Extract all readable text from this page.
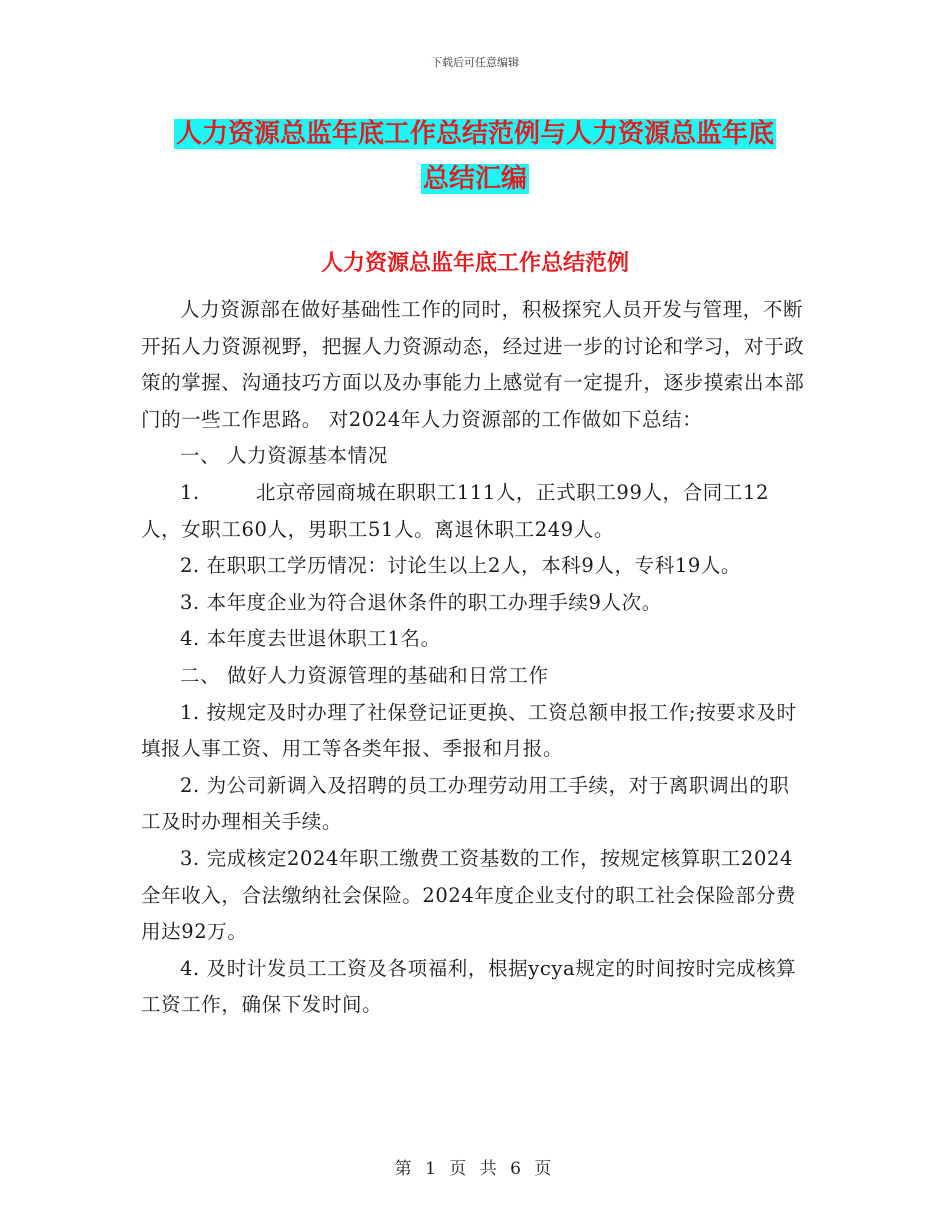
下载后可任意编辑
人力资源总监年底工作总结范例与人力资源总监年底
总结汇编
人力资源总监年底工作总结范例

人力资源部在做好基础性工作的同时，积极探究人员开发与管理，不断开拓人力资源视野，把握人力资源动态，经过进一步的讨论和学习，对于政策的掌握、沟通技巧方面以及办事能力上感觉有一定提升，逐步摸索出本部门的一些工作思路。 对2024年人力资源部的工作做如下总结：

一、 人力资源基本情况

1.	北京帝园商城在职职工111人，正式职工99人，合同工12人，女职工60人，男职工51人。离退休职工249人。

2. 在职职工学历情况：讨论生以上2人，本科9人，专科19人。

3. 本年度企业为符合退休条件的职工办理手续9人次。

4. 本年度去世退休职工1名。

二、 做好人力资源管理的基础和日常工作

1. 按规定及时办理了社保登记证更换、工资总额申报工作;按要求及时填报人事工资、用工等各类年报、季报和月报。

2. 为公司新调入及招聘的员工办理劳动用工手续，对于离职调出的职工及时办理相关手续。

3. 完成核定2024年职工缴费工资基数的工作，按规定核算职工2024全年收入，合法缴纳社会保险。2024年度企业支付的职工社会保险部分费用达92万。

4. 及时计发员工工资及各项福利，根据ycya规定的时间按时完成核算工资工作，确保下发时间。

第 1 页 共 6 页
